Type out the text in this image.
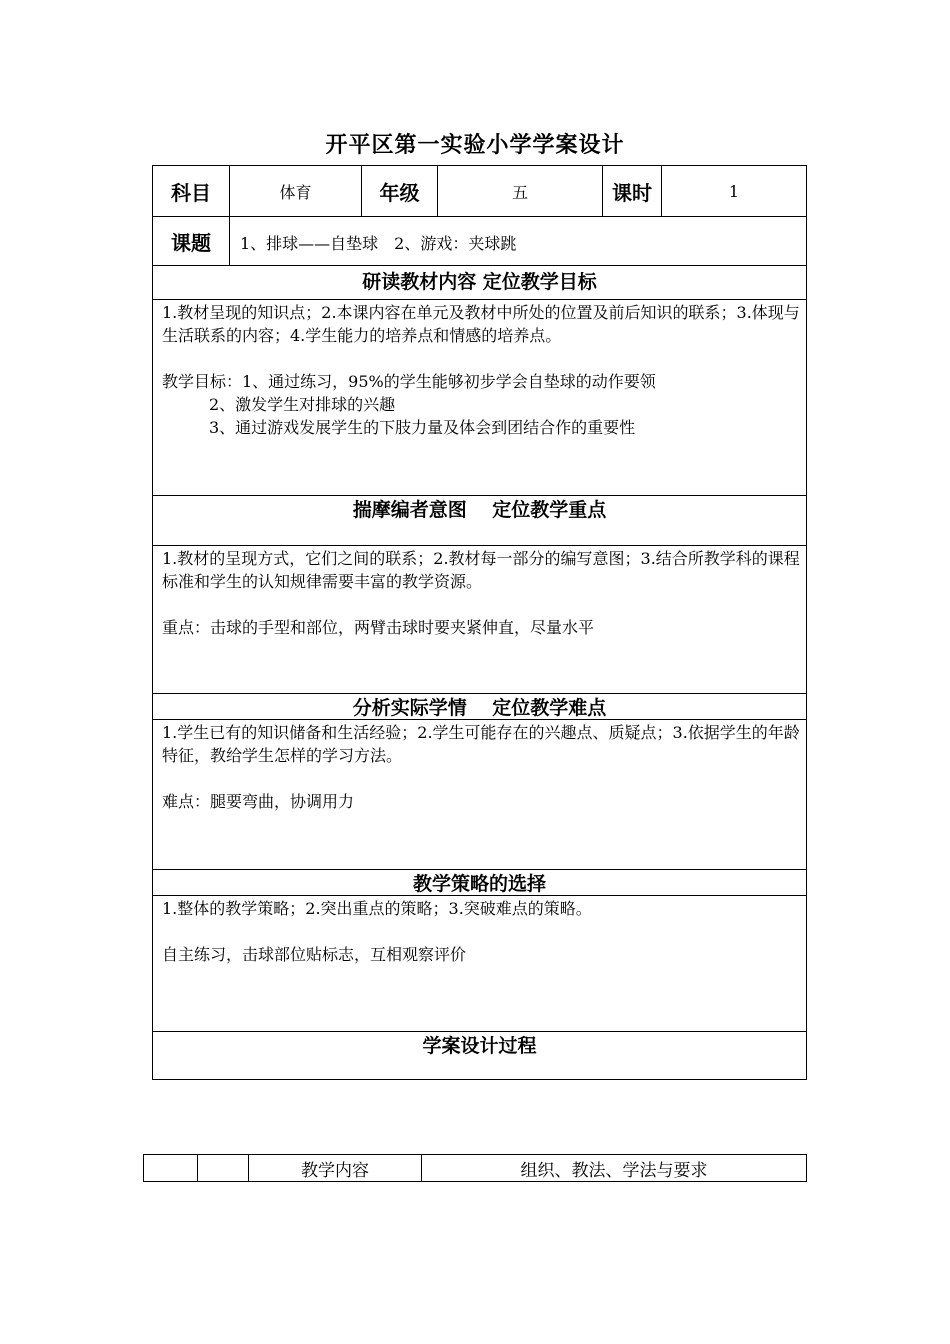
开平区第一实验小学学案设计
科目	体育	年级	五	课时	1
课题	1、排球——自垫球　2、游戏：夹球跳				
研读教材内容 定位教学目标					

1.教材呈现的知识点；2.本课内容在单元及教材中所处的位置及前后知识的联系；3.体现与生活联系的内容；4.学生能力的培养点和情感的培养点。

教学目标：1、通过练习，95%的学生能够初步学会自垫球的动作要领

2、激发学生对排球的兴趣

3、通过游戏发展学生的下肢力量及体会到团结合作的重要性					

揣摩编者意图　 定位教学重点					

1.教材的呈现方式，它们之间的联系；2.教材每一部分的编写意图；3.结合所教学科的课程标准和学生的认知规律需要丰富的教学资源。

重点：击球的手型和部位，两臂击球时要夹紧伸直，尽量水平					

分析实际学情　 定位教学难点					

1.学生已有的知识储备和生活经验；2.学生可能存在的兴趣点、质疑点；3.依据学生的年龄特征，教给学生怎样的学习方法。

难点：腿要弯曲，协调用力					

教学策略的选择					

1.整体的教学策略；2.突出重点的策略；3.突破难点的策略。

自主练习，击球部位贴标志，互相观察评价					

学案设计过程					
		教学内容	组织、教法、学法与要求
